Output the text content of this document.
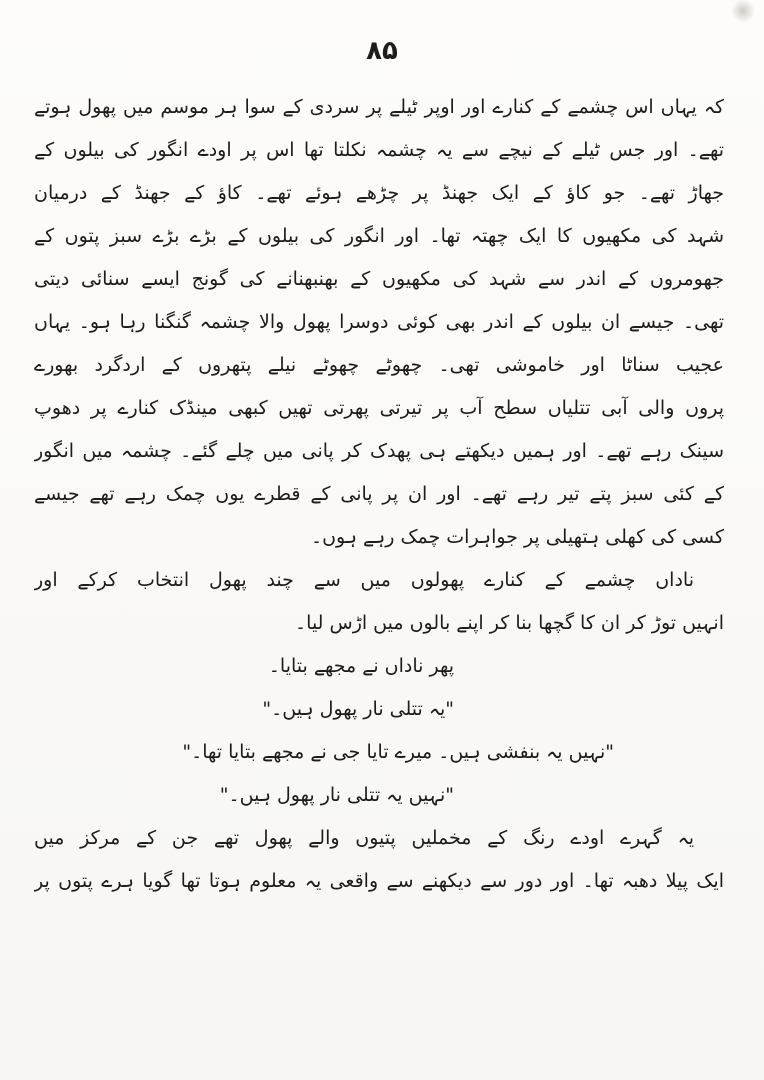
۸۵
کہ یہاں اس چشمے کے کنارے اور اوپر ٹیلے پر سردی کے سوا ہر موسم میں پھول ہوتے
تھے۔ اور جس ٹیلے کے نیچے سے یہ چشمہ نکلتا تھا اس پر اودے انگور کی بیلوں کے
جھاڑ تھے۔ جو کاؤ کے ایک جھنڈ پر چڑھے ہوئے تھے۔ کاؤ کے جھنڈ کے درمیان
شہد کی مکھیوں کا ایک چھتہ تھا۔ اور انگور کی بیلوں کے بڑے بڑے سبز پتوں کے
جھومروں کے اندر سے شہد کی مکھیوں کے بھنبھنانے کی گونج ایسے سنائی دیتی
تھی۔ جیسے ان بیلوں کے اندر بھی کوئی دوسرا پھول والا چشمہ گنگنا رہا ہو۔ یہاں
عجیب سناٹا اور خاموشی تھی۔ چھوٹے چھوٹے نیلے پتھروں کے اردگرد بھورے
پروں والی آبی تتلیاں سطح آب پر تیرتی پھرتی تھیں کبھی مینڈک کنارے پر دھوپ
سینک رہے تھے۔ اور ہمیں دیکھتے ہی پھدک کر پانی میں چلے گئے۔ چشمہ میں انگور
کے کئی سبز پتے تیر رہے تھے۔ اور ان پر پانی کے قطرے یوں چمک رہے تھے جیسے
کسی کی کھلی ہتھیلی پر جواہرات چمک رہے ہوں۔
ناداں چشمے کے کنارے پھولوں میں سے چند پھول انتخاب کرکے اور
انہیں توڑ کر ان کا گچھا بنا کر اپنے بالوں میں اڑس لیا۔
پھر ناداں نے مجھے بتایا۔
"یہ تتلی نار پھول ہیں۔"
"نہیں یہ بنفشی ہیں۔ میرے تایا جی نے مجھے بتایا تھا۔"
"نہیں یہ تتلی نار پھول ہیں۔"
یہ گہرے اودے رنگ کے مخملیں پتیوں والے پھول تھے جن کے مرکز میں
ایک پیلا دھبہ تھا۔ اور دور سے دیکھنے سے واقعی یہ معلوم ہوتا تھا گویا ہرے پتوں پر
